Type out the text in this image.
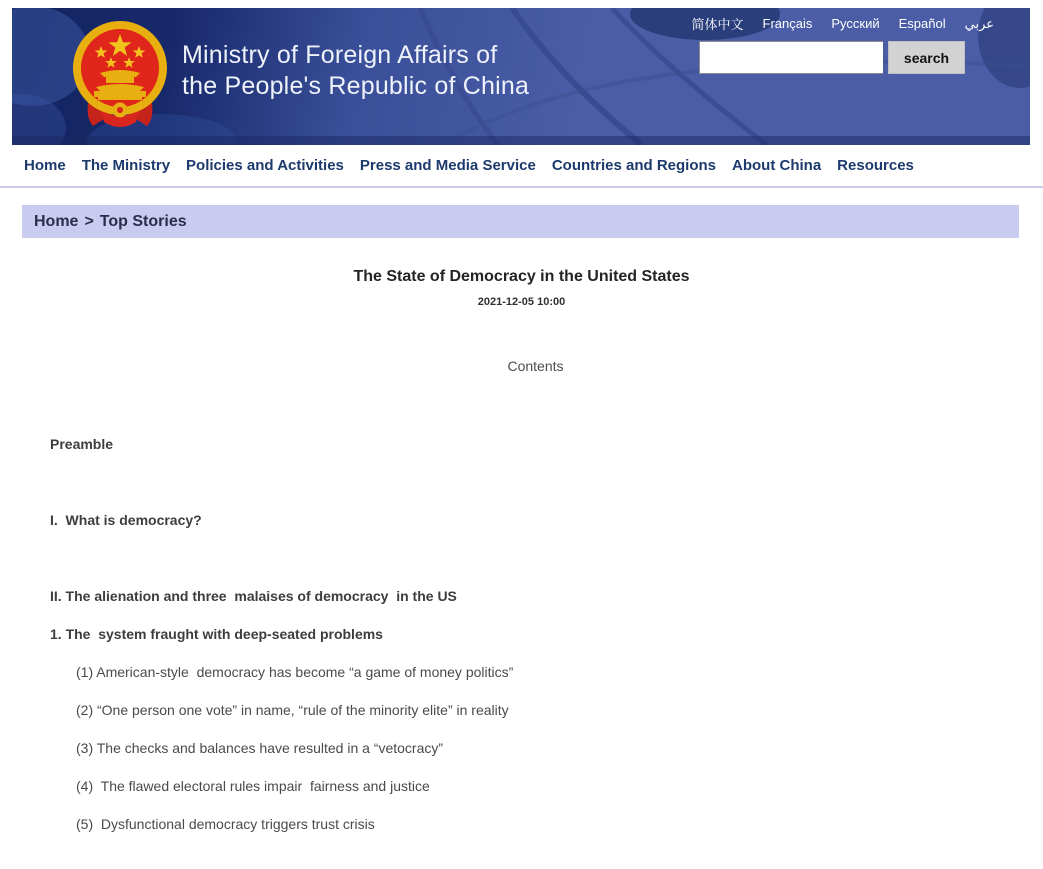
Ministry of Foreign Affairs of
the People's Republic of China
简体中文 Français Русский Español عربي
search
Home The Ministry Policies and Activities Press and Media Service Countries and Regions About China Resources
Home > Top Stories
The State of Democracy in the United States
2021-12-05 10:00
Contents
Preamble
I.  What is democracy?
II. The alienation and three  malaises of democracy  in the US
1. The  system fraught with deep-seated problems
(1) American-style  democracy has become “a game of money politics”
(2) “One person one vote” in name, “rule of the minority elite” in reality
(3) The checks and balances have resulted in a “vetocracy”
(4)  The flawed electoral rules impair  fairness and justice
(5)  Dysfunctional democracy triggers trust crisis
